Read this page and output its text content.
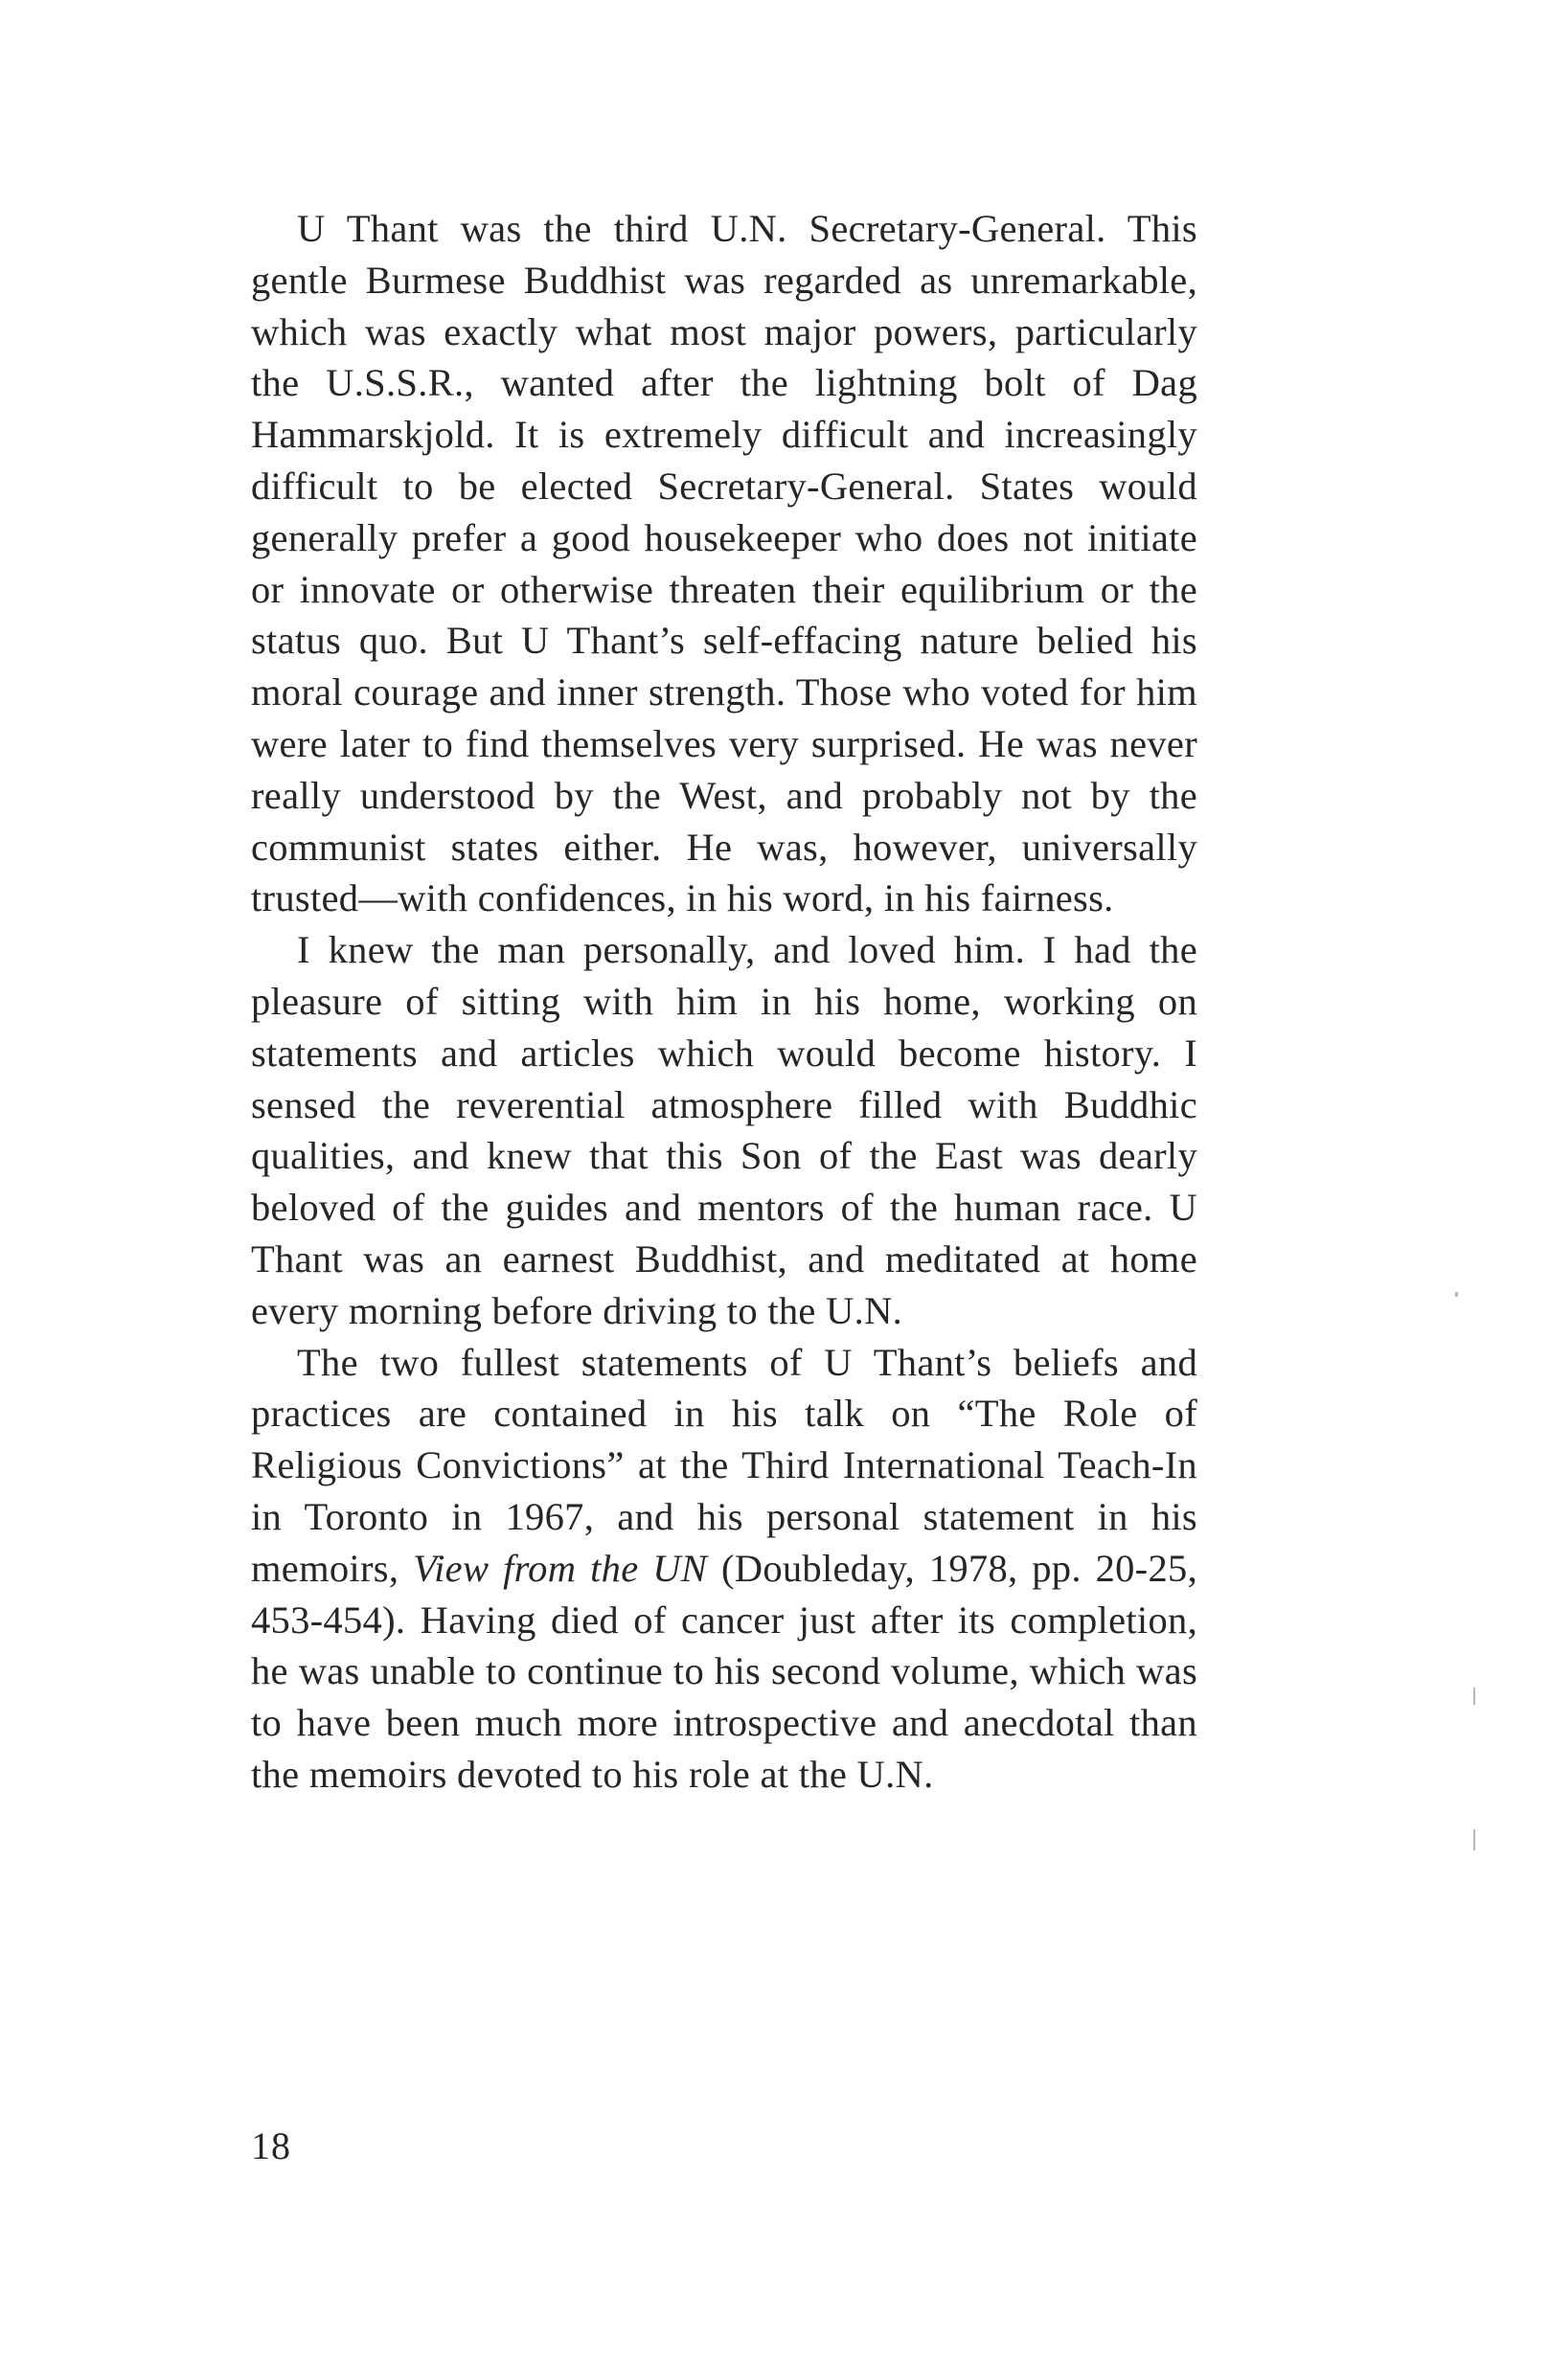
U Thant was the third U.N. Secretary-General. This gentle Burmese Buddhist was regarded as unremarkable, which was exactly what most major powers, particularly the U.S.S.R., wanted after the lightning bolt of Dag Hammarskjold. It is extremely difficult and increasingly difficult to be elected Secretary-General. States would generally prefer a good housekeeper who does not initiate or innovate or otherwise threaten their equilibrium or the status quo. But U Thant’s self-effacing nature belied his moral courage and inner strength. Those who voted for him were later to find themselves very surprised. He was never really understood by the West, and probably not by the communist states either. He was, however, universally trusted—with confidences, in his word, in his fairness.

I knew the man personally, and loved him. I had the pleasure of sitting with him in his home, working on statements and articles which would become history. I sensed the reverential atmosphere filled with Buddhic qualities, and knew that this Son of the East was dearly beloved of the guides and mentors of the human race. U Thant was an earnest Buddhist, and meditated at home every morning before driving to the U.N.

The two fullest statements of U Thant’s beliefs and practices are contained in his talk on “The Role of Religious Convictions” at the Third International Teach-In in Toronto in 1967, and his personal statement in his memoirs, View from the UN (Doubleday, 1978, pp. 20-25, 453-454). Having died of cancer just after its completion, he was unable to continue to his second volume, which was to have been much more introspective and anecdotal than the memoirs devoted to his role at the U.N.

18
